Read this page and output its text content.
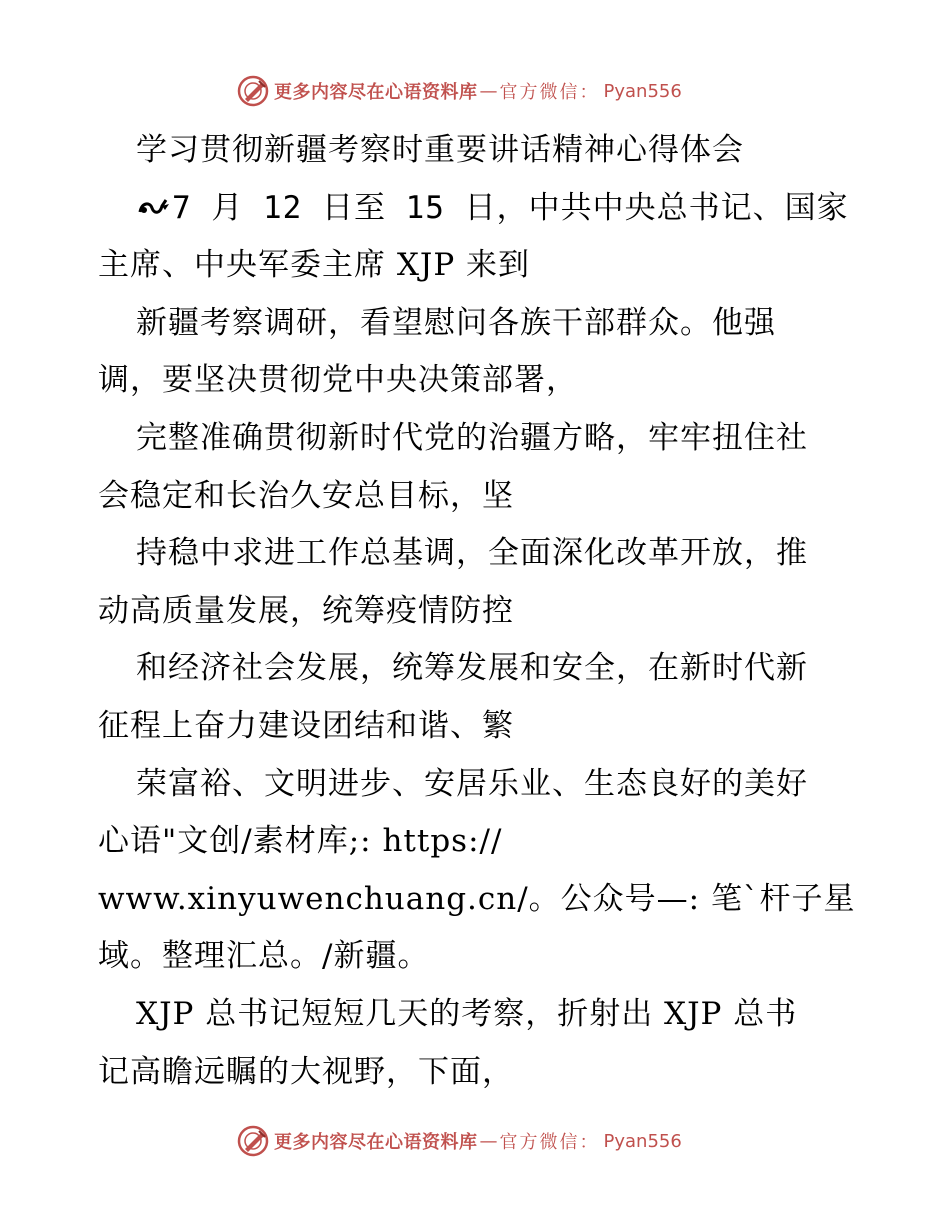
更多内容尽在心语资料库 — 官方微信： Pyan556
学习贯彻新疆考察时重要讲话精神心得体会
7 月 12 日至 15 日，中共中央总书记、国家
主席、中央军委主席 XJP 来到
新疆考察调研，看望慰问各族干部群众。他强
调，要坚决贯彻党中央决策部署，
完整准确贯彻新时代党的治疆方略，牢牢扭住社
会稳定和长治久安总目标，坚
持稳中求进工作总基调，全面深化改革开放，推
动高质量发展，统筹疫情防控
和经济社会发展，统筹发展和安全，在新时代新
征程上奋力建设团结和谐、繁
荣富裕、文明进步、安居乐业、生态良好的美好
心语"文创/素材库;: https://
www.xinyuwenchuang.cn/。公众号—: 笔`杆子星
域。整理汇总。/新疆。
XJP 总书记短短几天的考察，折射出 XJP 总书
记高瞻远瞩的大视野，下面，
更多内容尽在心语资料库 — 官方微信： Pyan556
